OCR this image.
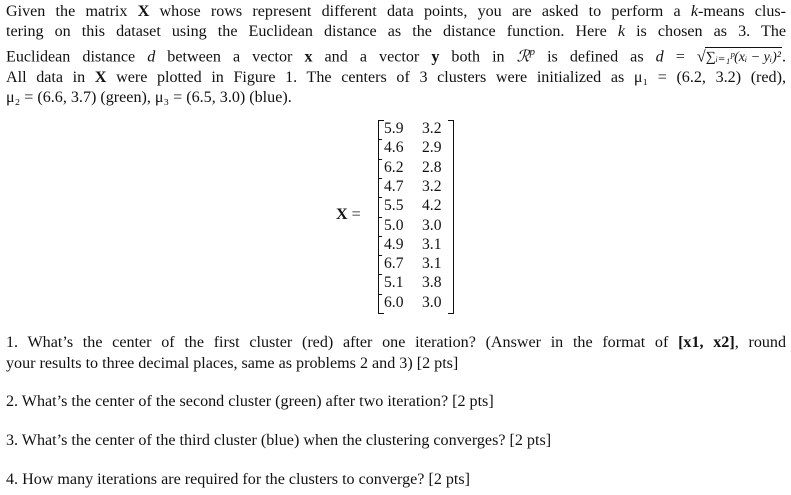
Given the matrix X whose rows represent different data points, you are asked to perform a k-means clus-
tering on this dataset using the Euclidean distance as the distance function. Here k is chosen as 3. The
Euclidean distance d between a vector x and a vector y both in ℛ$^p$ is defined as d = √∑ᵢ₌₁ᵖ(xᵢ − yᵢ)².
All data in X were plotted in Figure 1. The centers of 3 clusters were initialized as μ₁ = (6.2, 3.2) (red),
μ₂ = (6.6, 3.7) (green), μ₃ = (6.5, 3.0) (blue).
X =
5.9 3.2
4.6 2.9
6.2 2.8
4.7 3.2
5.5 4.2
5.0 3.0
4.9 3.1
6.7 3.1
5.1 3.8
6.0 3.0
1. What’s the center of the first cluster (red) after one iteration? (Answer in the format of [x1, x2], round
your results to three decimal places, same as problems 2 and 3) [2 pts]
2. What’s the center of the second cluster (green) after two iteration? [2 pts]
3. What’s the center of the third cluster (blue) when the clustering converges? [2 pts]
4. How many iterations are required for the clusters to converge? [2 pts]
